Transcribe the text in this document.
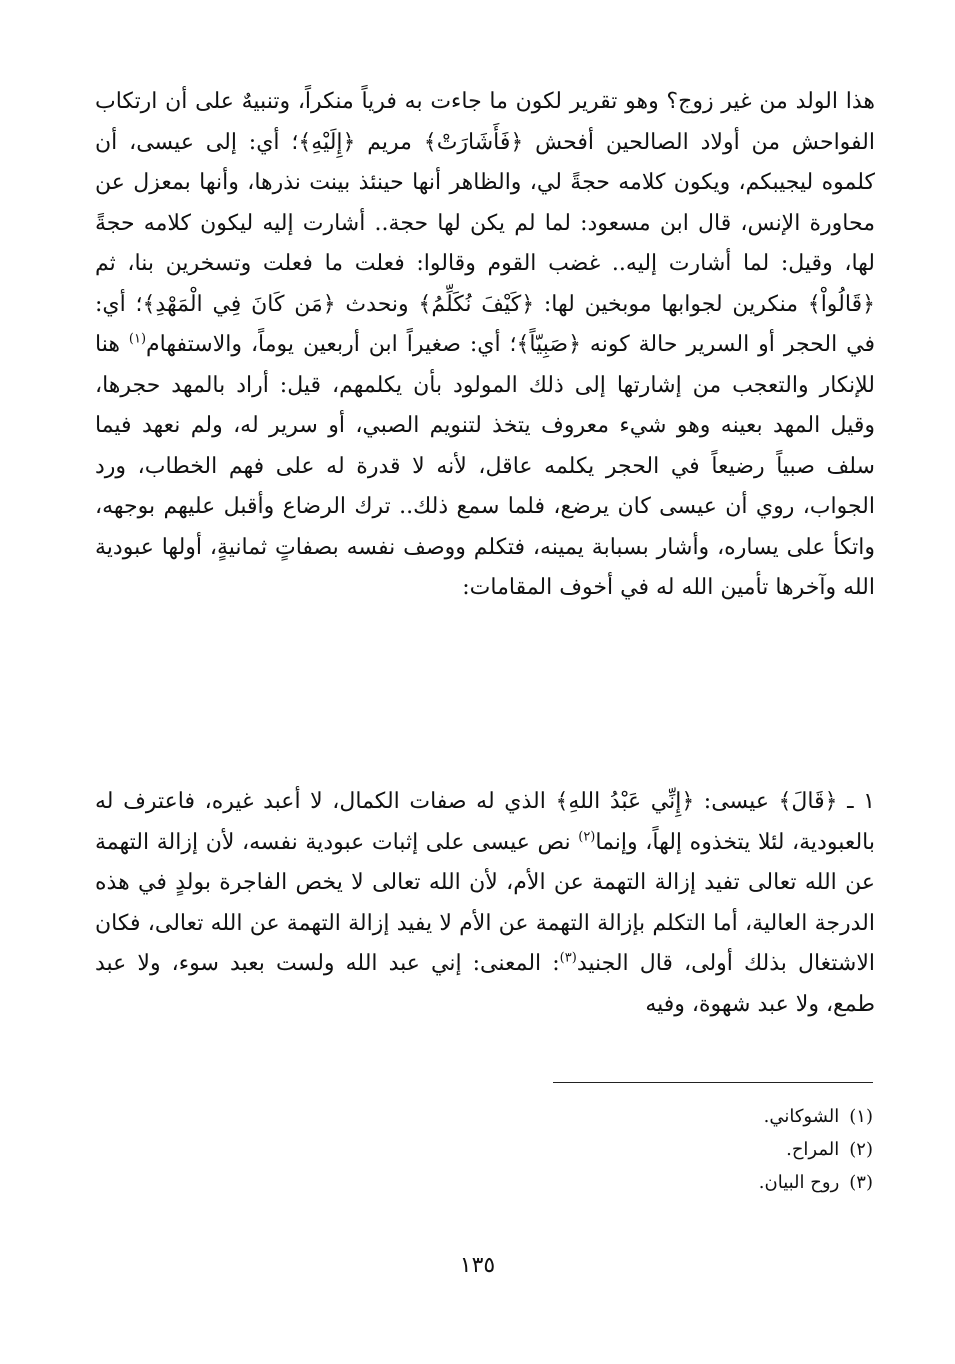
هذا الولد من غير زوج؟ وهو تقرير لكون ما جاءت به فرياً منكراً، وتنبيهٌ على أن ارتكاب الفواحش من أولاد الصالحين أفحش ﴿فَأَشَارَتْ﴾ مريم ﴿إِلَيْهِ﴾؛ أي: إلى عيسى، أن كلموه ليجيبكم، ويكون كلامه حجةً لي، والظاهر أنها حينئذ بينت نذرها، وأنها بمعزل عن محاورة الإنس، قال ابن مسعود: لما لم يكن لها حجة.. أشارت إليه ليكون كلامه حجةً لها، وقيل: لما أشارت إليه.. غضب القوم وقالوا: فعلت ما فعلت وتسخرين بنا، ثم ﴿قَالُواْ﴾ منكرين لجوابها موبخين لها: ﴿كَيْفَ نُكَلِّمُ﴾ ونحدث ﴿مَن كَانَ فِي الْمَهْدِ﴾؛ أي: في الحجر أو السرير حالة كونه ﴿صَبِيّاً﴾؛ أي: صغيراً ابن أربعين يوماً، والاستفهام$^{(١)}$ هنا للإنكار والتعجب من إشارتها إلى ذلك المولود بأن يكلمهم، قيل: أراد بالمهد حجرها، وقيل المهد بعينه وهو شيء معروف يتخذ لتنويم الصبي، أو سرير له، ولم نعهد فيما سلف صبياً رضيعاً في الحجر يكلمه عاقل، لأنه لا قدرة له على فهم الخطاب، ورد الجواب، روي أن عيسى كان يرضع، فلما سمع ذلك.. ترك الرضاع وأقبل عليهم بوجهه، واتكأ على يساره، وأشار بسبابة يمينه، فتكلم ووصف نفسه بصفاتٍ ثمانيةٍ، أولها عبودية الله وآخرها تأمين الله له في أخوف المقامات:
١ ـ ﴿قَالَ﴾ عيسى: ﴿إِنِّي عَبْدُ اللهِ﴾ الذي له صفات الكمال، لا أعبد غيره، فاعترف له بالعبودية، لئلا يتخذوه إلهاً، وإنما$^{(٢)}$ نص عيسى على إثبات عبودية نفسه، لأن إزالة التهمة عن الله تعالى تفيد إزالة التهمة عن الأم، لأن الله تعالى لا يخص الفاجرة بولدٍ في هذه الدرجة العالية، أما التكلم بإزالة التهمة عن الأم لا يفيد إزالة التهمة عن الله تعالى، فكان الاشتغال بذلك أولى، قال الجنيد$^{(٣)}$: المعنى: إني عبد الله ولست بعبد سوء، ولا عبد طمع، ولا عبد شهوة، وفيه
(١)الشوكاني.
(٢)المراح.
(٣)روح البيان.
١٣٥
